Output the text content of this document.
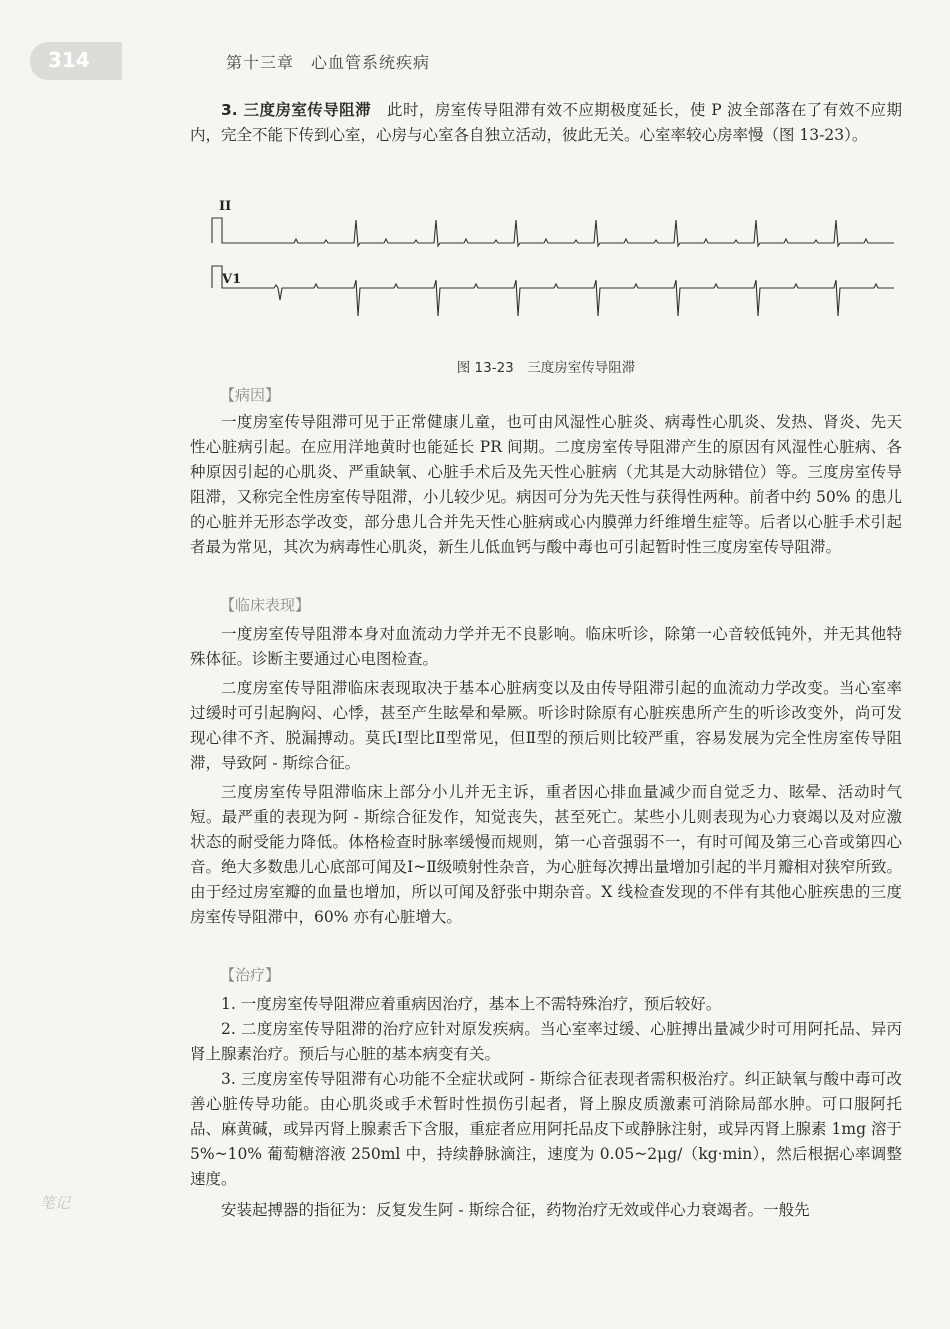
314	第十三章　心血管系统疾病

3. 三度房室传导阻滞　此时，房室传导阻滞有效不应期极度延长，使 P 波全部落在了有效不应期内，完全不能下传到心室，心房与心室各自独立活动，彼此无关。心室率较心房率慢（图 13-23）。

II
V1
图 13-23　三度房室传导阻滞
【病因】

一度房室传导阻滞可见于正常健康儿童，也可由风湿性心脏炎、病毒性心肌炎、发热、肾炎、先天性心脏病引起。在应用洋地黄时也能延长 PR 间期。二度房室传导阻滞产生的原因有风湿性心脏病、各种原因引起的心肌炎、严重缺氧、心脏手术后及先天性心脏病（尤其是大动脉错位）等。三度房室传导阻滞，又称完全性房室传导阻滞，小儿较少见。病因可分为先天性与获得性两种。前者中约 50% 的患儿的心脏并无形态学改变，部分患儿合并先天性心脏病或心内膜弹力纤维增生症等。后者以心脏手术引起者最为常见，其次为病毒性心肌炎，新生儿低血钙与酸中毒也可引起暂时性三度房室传导阻滞。

【临床表现】

一度房室传导阻滞本身对血流动力学并无不良影响。临床听诊，除第一心音较低钝外，并无其他特殊体征。诊断主要通过心电图检查。

二度房室传导阻滞临床表现取决于基本心脏病变以及由传导阻滞引起的血流动力学改变。当心室率过缓时可引起胸闷、心悸，甚至产生眩晕和晕厥。听诊时除原有心脏疾患所产生的听诊改变外，尚可发现心律不齐、脱漏搏动。莫氏Ⅰ型比Ⅱ型常见，但Ⅱ型的预后则比较严重，容易发展为完全性房室传导阻滞，导致阿 - 斯综合征。

三度房室传导阻滞临床上部分小儿并无主诉，重者因心排血量减少而自觉乏力、眩晕、活动时气短。最严重的表现为阿 - 斯综合征发作，知觉丧失，甚至死亡。某些小儿则表现为心力衰竭以及对应激状态的耐受能力降低。体格检查时脉率缓慢而规则，第一心音强弱不一，有时可闻及第三心音或第四心音。绝大多数患儿心底部可闻及Ⅰ~Ⅱ级喷射性杂音，为心脏每次搏出量增加引起的半月瓣相对狭窄所致。由于经过房室瓣的血量也增加，所以可闻及舒张中期杂音。X 线检查发现的不伴有其他心脏疾患的三度房室传导阻滞中，60% 亦有心脏增大。

【治疗】

1. 一度房室传导阻滞应着重病因治疗，基本上不需特殊治疗，预后较好。

2. 二度房室传导阻滞的治疗应针对原发疾病。当心室率过缓、心脏搏出量减少时可用阿托品、异丙肾上腺素治疗。预后与心脏的基本病变有关。

3. 三度房室传导阻滞有心功能不全症状或阿 - 斯综合征表现者需积极治疗。纠正缺氧与酸中毒可改善心脏传导功能。由心肌炎或手术暂时性损伤引起者，肾上腺皮质激素可消除局部水肿。可口服阿托品、麻黄碱，或异丙肾上腺素舌下含服，重症者应用阿托品皮下或静脉注射，或异丙肾上腺素 1mg 溶于 5%~10% 葡萄糖溶液 250ml 中，持续静脉滴注，速度为 0.05~2μg/（kg·min），然后根据心率调整速度。

安装起搏器的指征为：反复发生阿 - 斯综合征，药物治疗无效或伴心力衰竭者。一般先

笔记
